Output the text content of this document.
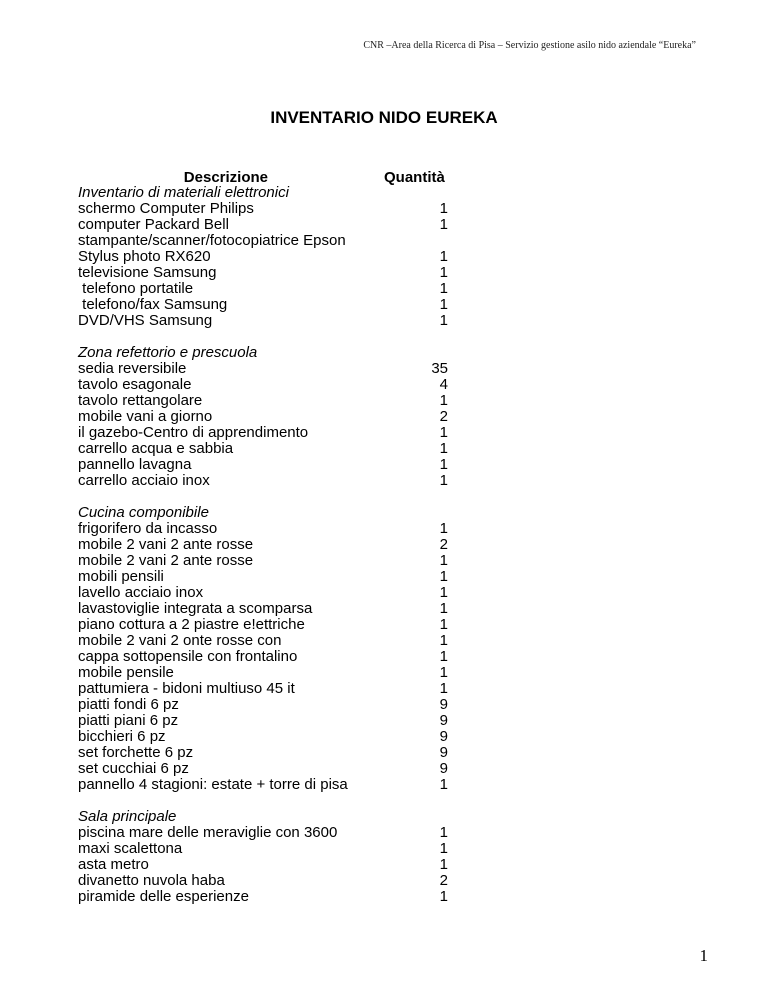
CNR –Area della Ricerca di Pisa – Servizio gestione asilo nido aziendale “Eureka”
INVENTARIO NIDO EUREKA
Descrizione	Quantità
Inventario di materiali elettronici
schermo Computer Philips	1
computer Packard Bell	1
stampante/scanner/fotocopiatrice Epson
Stylus photo RX620	1
televisione Samsung	1
telefono portatile	1
telefono/fax Samsung	1
DVD/VHS Samsung	1
Zona refettorio e prescuola
sedia reversibile	35
tavolo esagonale	4
tavolo rettangolare	1
mobile vani a giorno	2
il gazebo-Centro di apprendimento	1
carrello acqua e sabbia	1
pannello lavagna	1
carrello acciaio inox	1
Cucina componibile
frigorifero da incasso	1
mobile 2 vani 2 ante rosse	2
mobile 2 vani 2 ante rosse	1
mobili pensili	1
lavello acciaio inox	1
lavastoviglie integrata a scomparsa	1
piano cottura a 2 piastre e!ettriche	1
mobile 2 vani 2 onte rosse con	1
cappa sottopensile con frontalino	1
mobile pensile	1
pattumiera - bidoni multiuso 45 it	1
piatti fondi 6 pz	9
piatti piani 6 pz	9
bicchieri 6 pz	9
set forchette 6 pz	9
set cucchiai 6 pz	9
pannello 4 stagioni: estate + torre di pisa	1
Sala principale
piscina mare delle meraviglie con 3600	1
maxi scalettona	1
asta metro	1
divanetto nuvola haba	2
piramide delle esperienze	1
1
